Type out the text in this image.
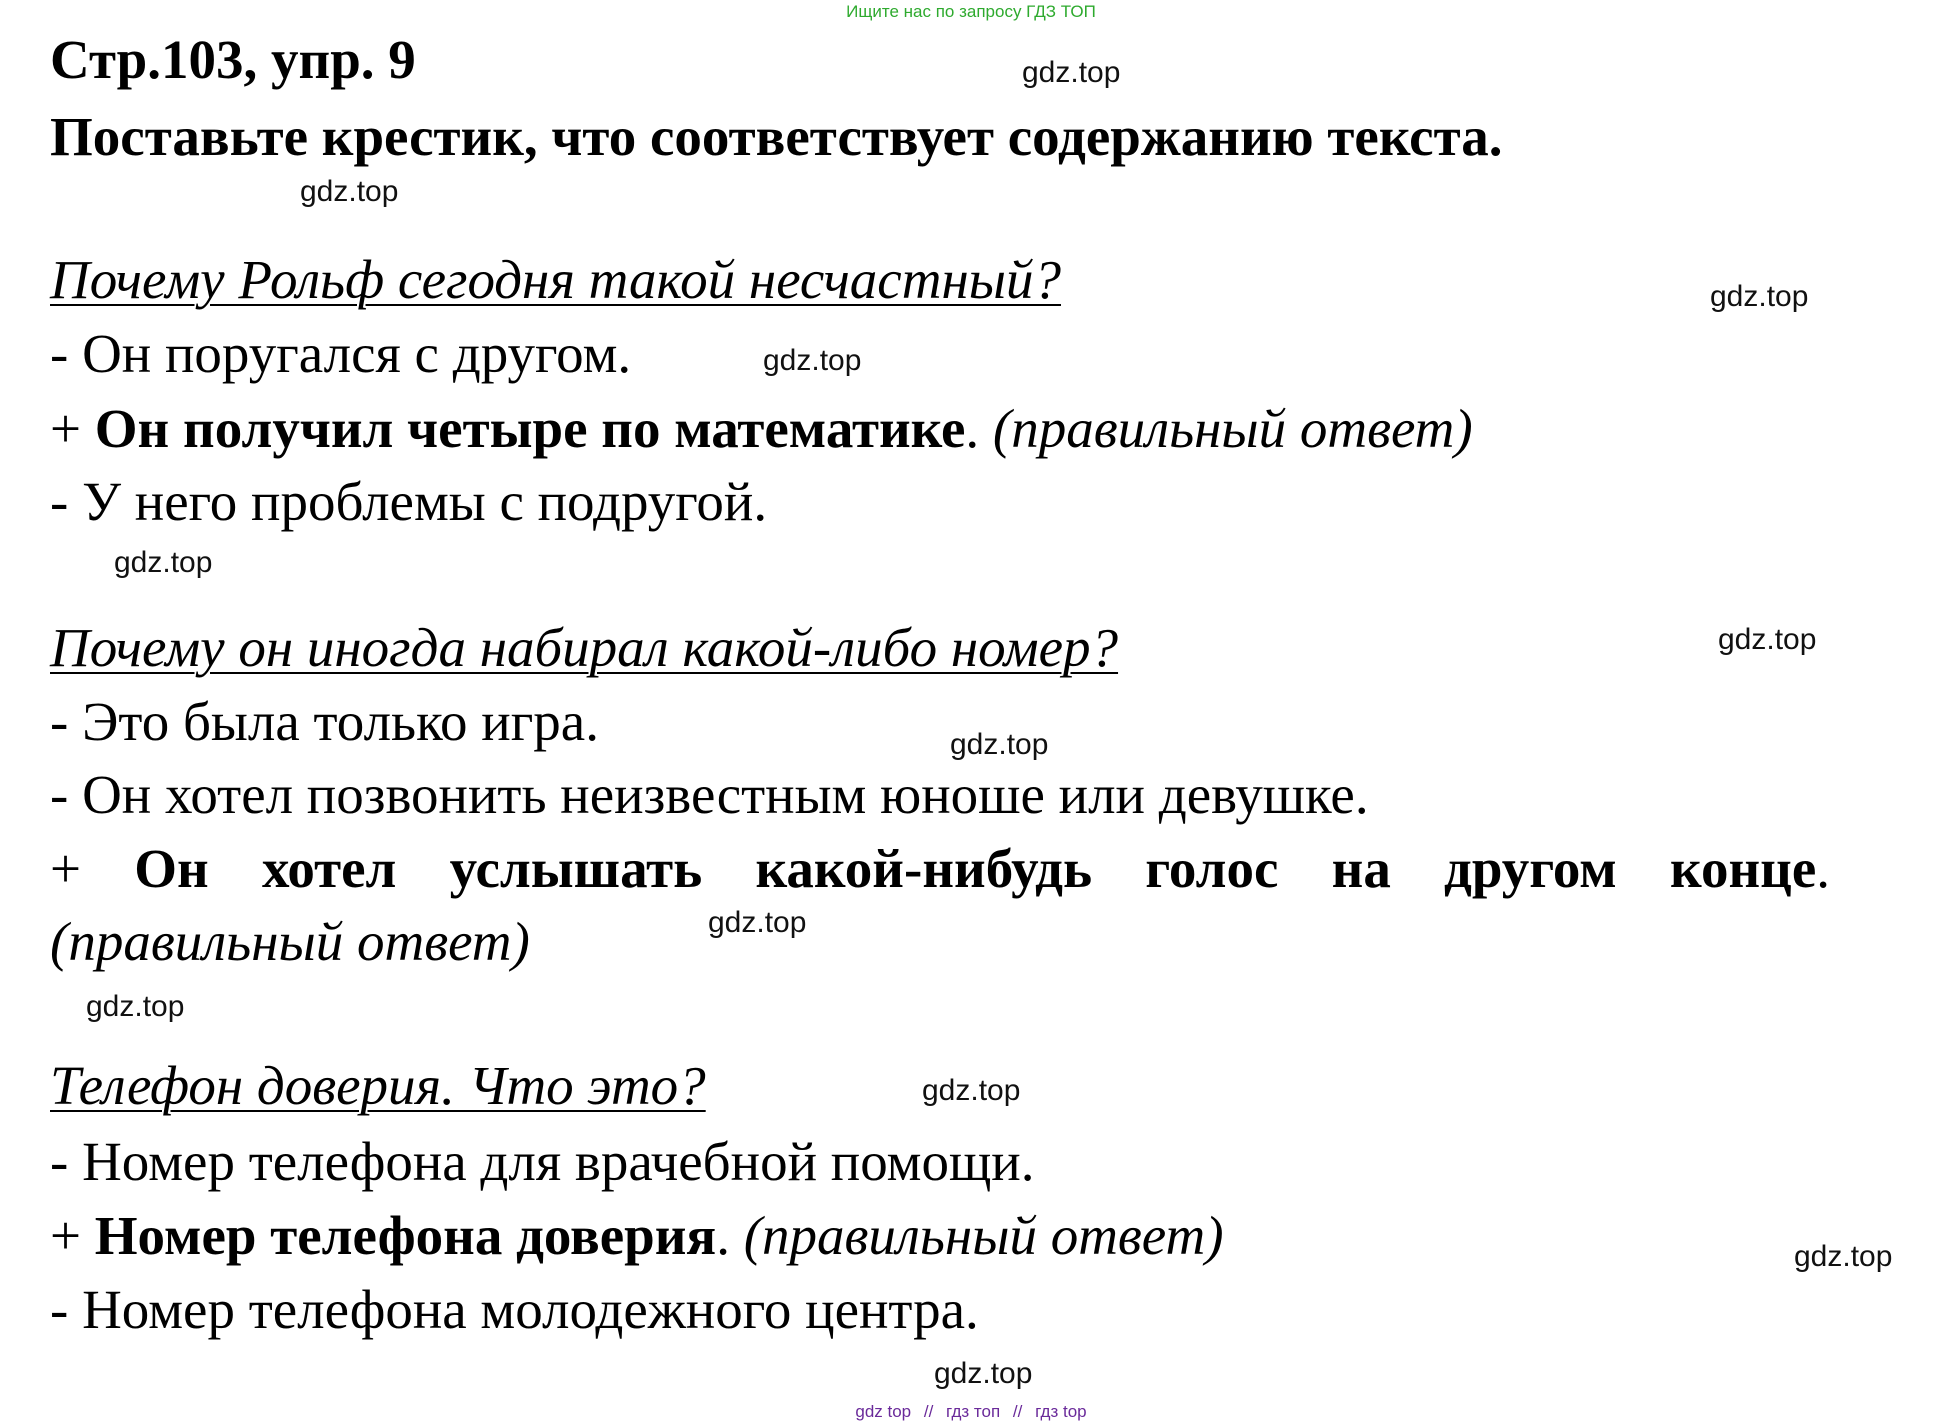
Ищите нас по запросу ГДЗ ТОП
Стр.103, упр. 9
Поставьте крестик, что соответствует содержанию текста.
Почему Рольф сегодня такой несчастный?
- Он поругался с другом.
+ Он получил четыре по математике. (правильный ответ)
- У него проблемы с подругой.
Почему он иногда набирал какой-либо номер?
- Это была только игра.
- Он хотел позвонить неизвестным юноше или девушке.
+ Он хотел услышать какой-нибудь голос на другом конце.
(правильный ответ)
Телефон доверия. Что это?
- Номер телефона для врачебной помощи.
+ Номер телефона доверия. (правильный ответ)
- Номер телефона молодежного центра.
gdz.top
gdz.top
gdz.top
gdz.top
gdz.top
gdz.top
gdz.top
gdz.top
gdz.top
gdz.top
gdz.top
gdz.top
gdz top // гдз топ // гдз top
